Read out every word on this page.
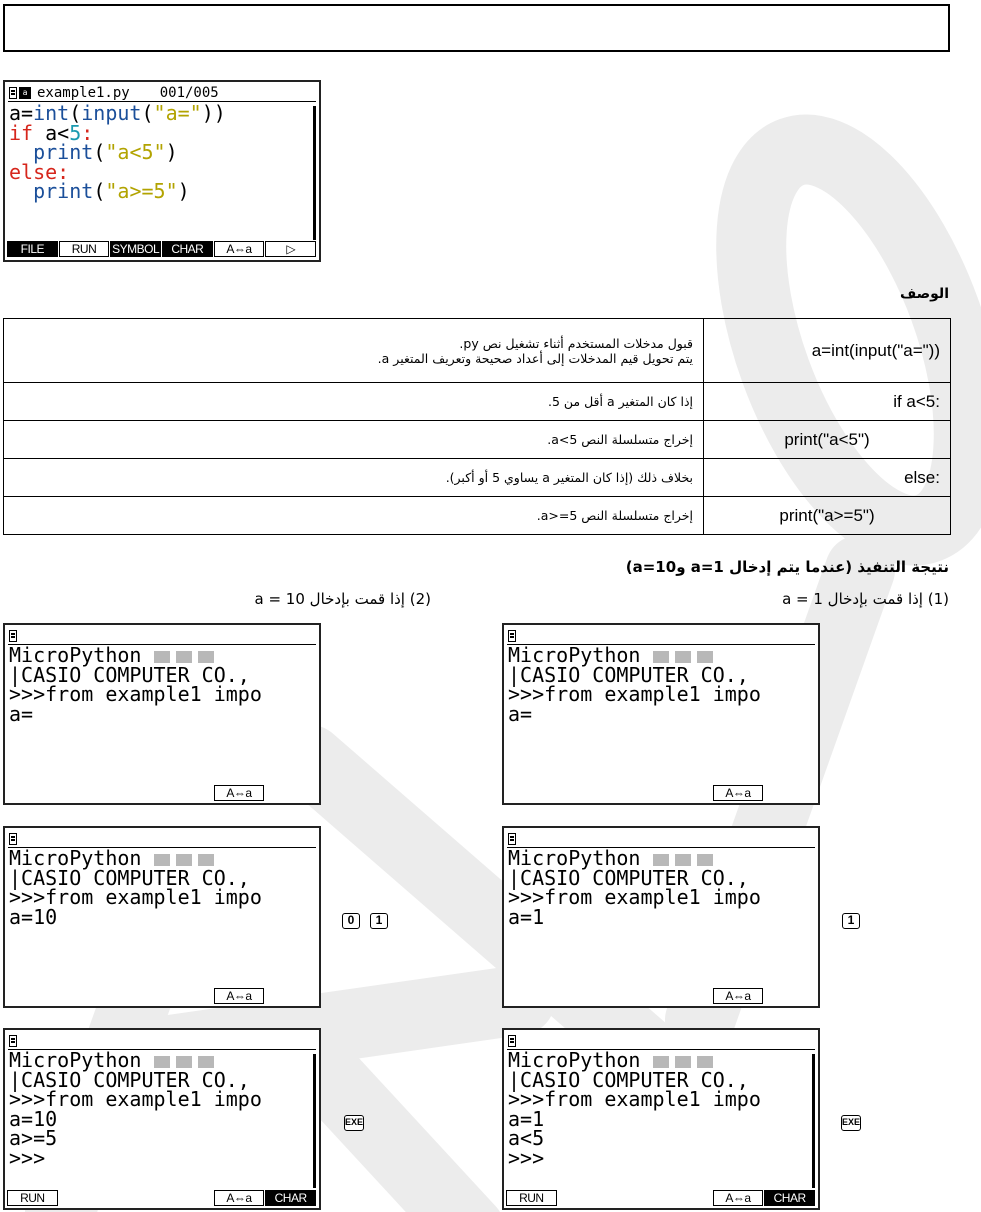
a example1.py 001/005
a=int(input("a="))
if a<5:
print("a<5")
else:
print("a>=5")
FILE	RUN	SYMBOL	CHAR	A⇔a	▷
الوصف
قبول مدخلات المستخدم أثناء تشغيل نص py.
يتم تحويل قيم المدخلات إلى أعداد صحيحة وتعريف المتغير a.	a=int(input("a="))

إذا كان المتغير a أقل من 5.	if a<5:

إخراج متسلسلة النص a<5.	print("a<5")

بخلاف ذلك (إذا كان المتغير a يساوي 5 أو أكبر).	else:

إخراج متسلسلة النص a>=5.	print("a>=5")
نتيجة التنفيذ (عندما يتم إدخال a=1 وa=10)
(1) إذا قمت بإدخال a = 1
(2) إذا قمت بإدخال a = 10
MicroPython
|CASIO COMPUTER CO.,
>>>from example1 impo
a=
A⇔a
MicroPython
|CASIO COMPUTER CO.,
>>>from example1 impo
a=1
A⇔a
MicroPython
|CASIO COMPUTER CO.,
>>>from example1 impo
a=1
a<5
>>>
RUN	A⇔a	CHAR
MicroPython
|CASIO COMPUTER CO.,
>>>from example1 impo
a=
A⇔a
MicroPython
|CASIO COMPUTER CO.,
>>>from example1 impo
a=10
A⇔a
MicroPython
|CASIO COMPUTER CO.,
>>>from example1 impo
a=10
a>=5
>>>
RUN	A⇔a	CHAR
1
0	1
EXE
EXE
